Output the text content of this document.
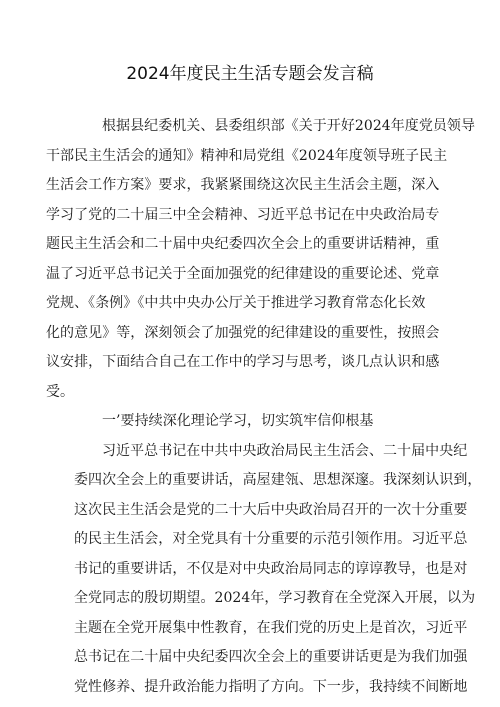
2024年度民主生活专题会发言稿
根据县纪委机关、县委组织部《关于开好2024年度党员领导
干部民主生活会的通知》精神和局党组《2024年度领导班子民主
生活会工作方案》要求，我紧紧围绕这次民主生活会主题，深入
学习了党的二十届三中全会精神、习近平总书记在中央政治局专
题民主生活会和二十届中央纪委四次全会上的重要讲话精神，重
温了习近平总书记关于全面加强党的纪律建设的重要论述、党章
党规、《条例》《中共中央办公厅关于推进学习教育常态化长效
化的意见》等，深刻领会了加强党的纪律建设的重要性，按照会
议安排，下面结合自己在工作中的学习与思考，谈几点认识和感
受。
一’要持续深化理论学习，切实筑牢信仰根基
习近平总书记在中共中央政治局民主生活会、二十届中央纪
委四次全会上的重要讲话，高屋建瓴、思想深邃。我深刻认识到，
这次民主生活会是党的二十大后中央政治局召开的一次十分重要
的民主生活会，对全党具有十分重要的示范引领作用。习近平总
书记的重要讲话，不仅是对中央政治局同志的谆谆教导，也是对
全党同志的殷切期望。2024年，学习教育在全党深入开展，以为
主题在全党开展集中性教育，在我们党的历史上是首次，习近平
总书记在二十届中央纪委四次全会上的重要讲话更是为我们加强
党性修养、提升政治能力指明了方向。下一步，我持续不间断地
